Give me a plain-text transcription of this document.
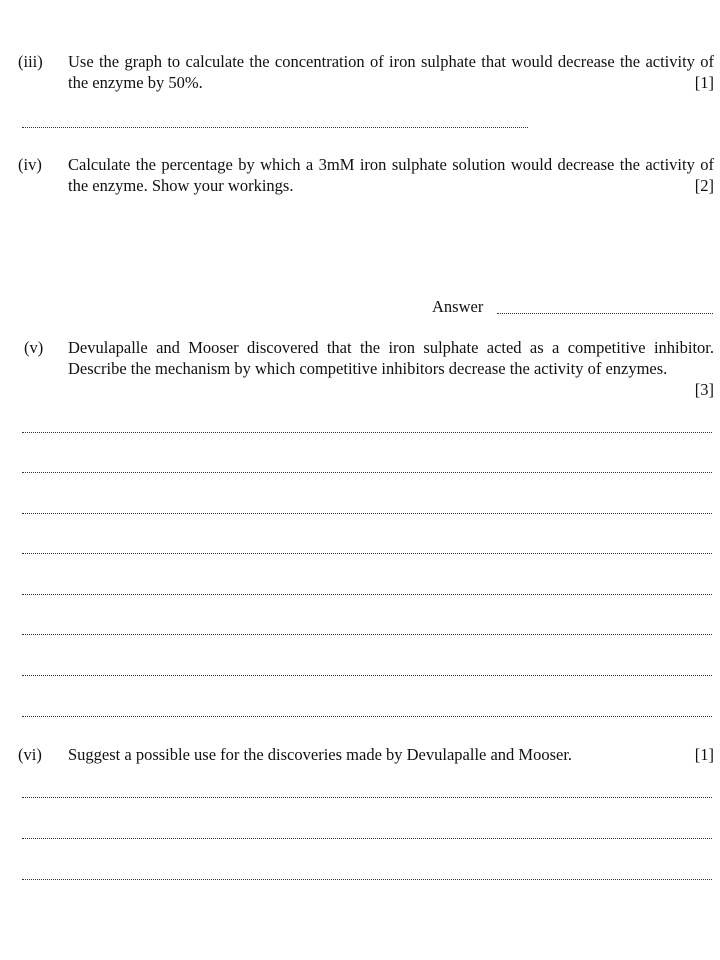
(iii) Use the graph to calculate the concentration of iron sulphate that would decrease the activity of the enzyme by 50%.	[1]
(iv) Calculate the percentage by which a 3mM iron sulphate solution would decrease the activity of the enzyme. Show your workings.	[2]
Answer
(v) Devulapalle and Mooser discovered that the iron sulphate acted as a competitive inhibitor. Describe the mechanism by which competitive inhibitors decrease the activity of enzymes.
[3]
(vi) Suggest a possible use for the discoveries made by Devulapalle and Mooser.	[1]
